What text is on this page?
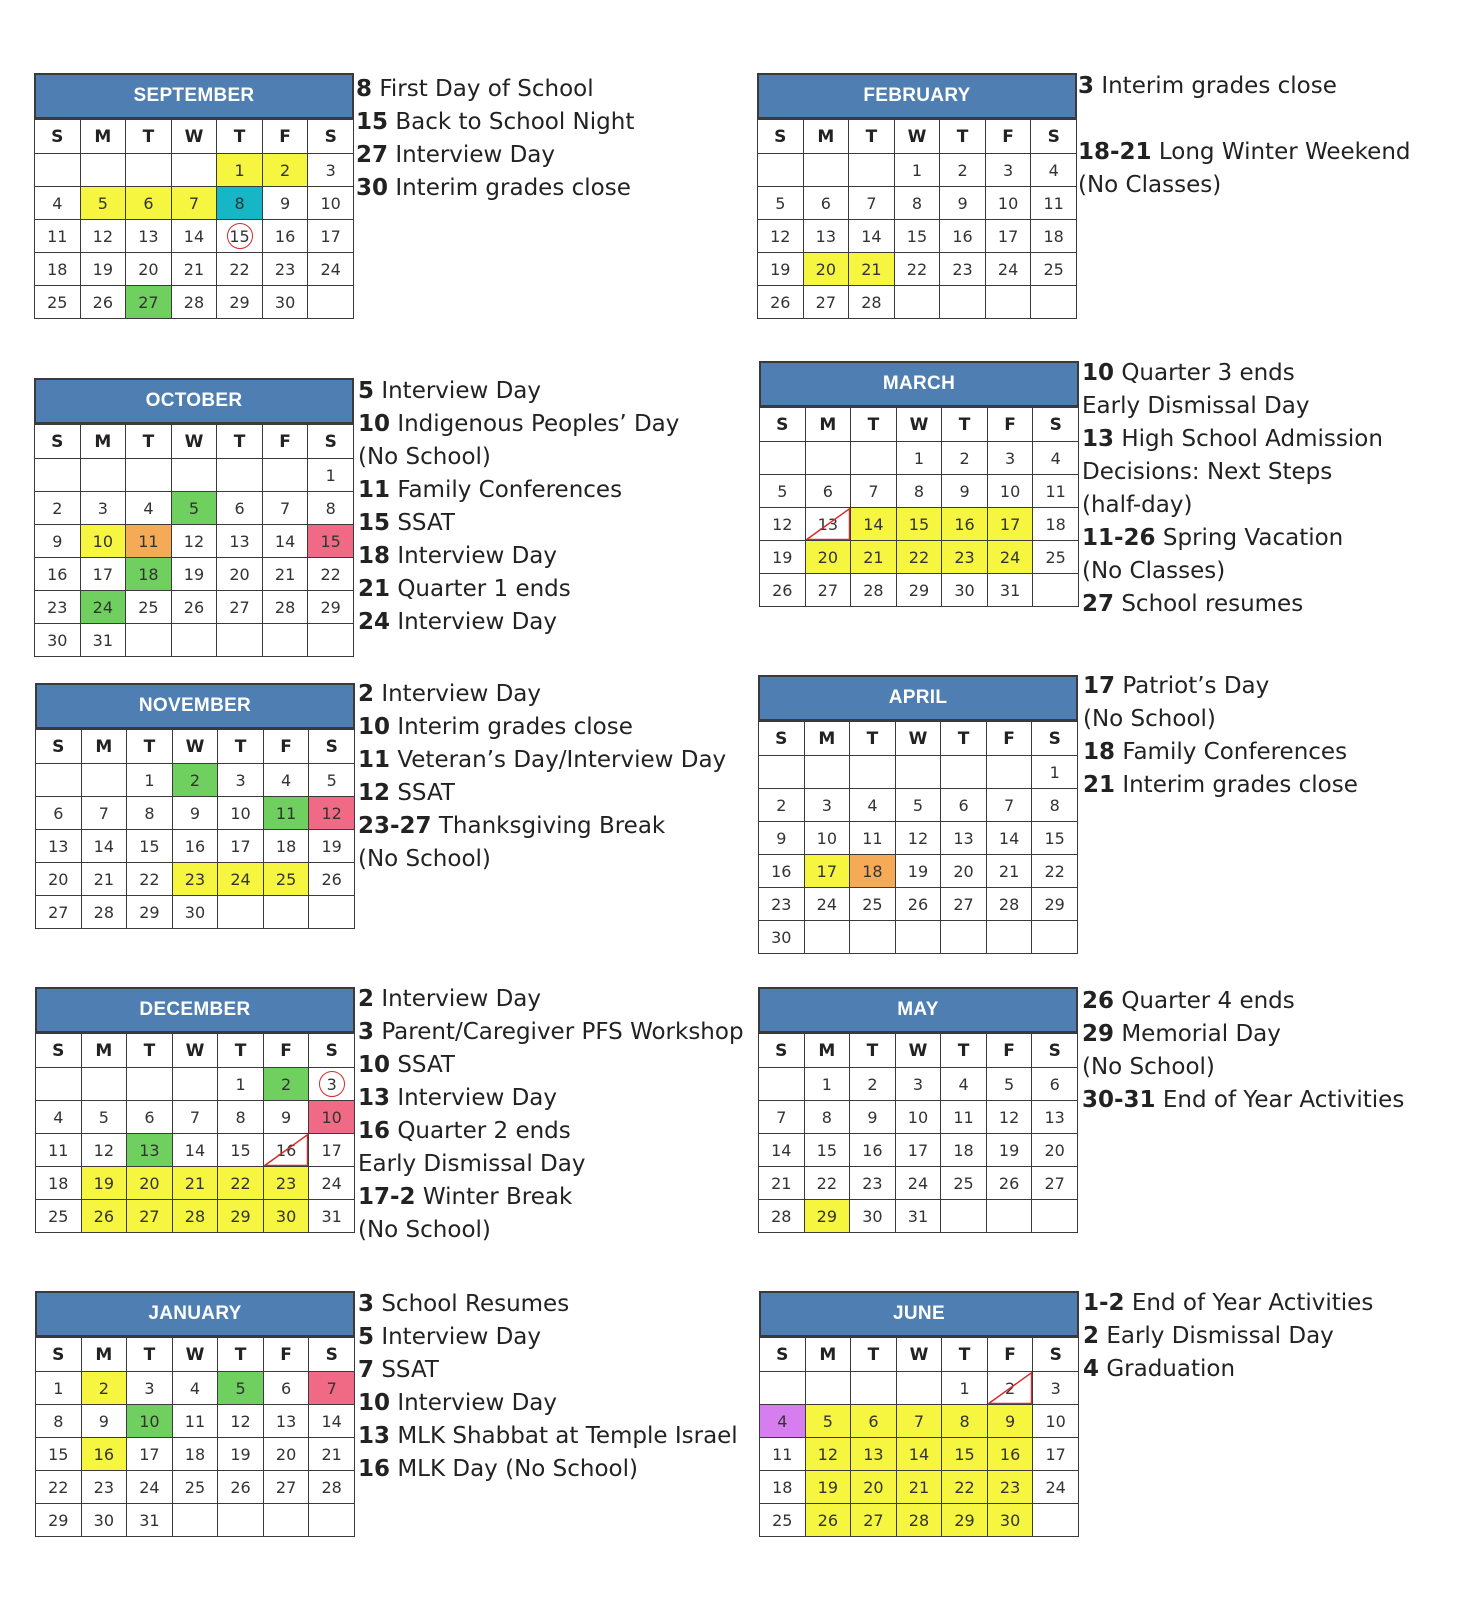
SEPTEMBER
S	M	T	W	T	F	S
				1	2	3
4	5	6	7	8	9	10
11	12	13	14	15	16	17
18	19	20	21	22	23	24
25	26	27	28	29	30	
8 First Day of School
15 Back to School Night
27 Interview Day
30 Interim grades close
OCTOBER
S	M	T	W	T	F	S
						1
2	3	4	5	6	7	8
9	10	11	12	13	14	15
16	17	18	19	20	21	22
23	24	25	26	27	28	29
30	31					
5 Interview Day
10 Indigenous Peoples’ Day
(No School)
11 Family Conferences
15 SSAT
18 Interview Day
21 Quarter 1 ends
24 Interview Day
NOVEMBER
S	M	T	W	T	F	S
		1	2	3	4	5
6	7	8	9	10	11	12
13	14	15	16	17	18	19
20	21	22	23	24	25	26
27	28	29	30			
2 Interview Day
10 Interim grades close
11 Veteran’s Day/Interview Day
12 SSAT
23-27 Thanksgiving Break
(No School)
DECEMBER
S	M	T	W	T	F	S
				1	2	3
4	5	6	7	8	9	10
11	12	13	14	15	16	17
18	19	20	21	22	23	24
25	26	27	28	29	30	31
2 Interview Day
3 Parent/Caregiver PFS Workshop
10 SSAT
13 Interview Day
16 Quarter 2 ends
Early Dismissal Day
17-2 Winter Break
(No School)
JANUARY
S	M	T	W	T	F	S
1	2	3	4	5	6	7
8	9	10	11	12	13	14
15	16	17	18	19	20	21
22	23	24	25	26	27	28
29	30	31				
3 School Resumes
5 Interview Day
7 SSAT
10 Interview Day
13 MLK Shabbat at Temple Israel
16 MLK Day (No School)
FEBRUARY
S	M	T	W	T	F	S
			1	2	3	4
5	6	7	8	9	10	11
12	13	14	15	16	17	18
19	20	21	22	23	24	25
26	27	28				
3 Interim grades close

18-21 Long Winter Weekend
(No Classes)
MARCH
S	M	T	W	T	F	S
			1	2	3	4
5	6	7	8	9	10	11
12	13	14	15	16	17	18
19	20	21	22	23	24	25
26	27	28	29	30	31	
10 Quarter 3 ends
Early Dismissal Day
13 High School Admission
Decisions: Next Steps
(half-day)
11-26 Spring Vacation
(No Classes)
27 School resumes
APRIL
S	M	T	W	T	F	S
						1
2	3	4	5	6	7	8
9	10	11	12	13	14	15
16	17	18	19	20	21	22
23	24	25	26	27	28	29
30						
17 Patriot’s Day
(No School)
18 Family Conferences
21 Interim grades close
MAY
S	M	T	W	T	F	S
	1	2	3	4	5	6
7	8	9	10	11	12	13
14	15	16	17	18	19	20
21	22	23	24	25	26	27
28	29	30	31			
26 Quarter 4 ends
29 Memorial Day
(No School)
30-31 End of Year Activities
JUNE
S	M	T	W	T	F	S
				1	2	3
4	5	6	7	8	9	10
11	12	13	14	15	16	17
18	19	20	21	22	23	24
25	26	27	28	29	30	
1-2 End of Year Activities
2 Early Dismissal Day
4 Graduation
